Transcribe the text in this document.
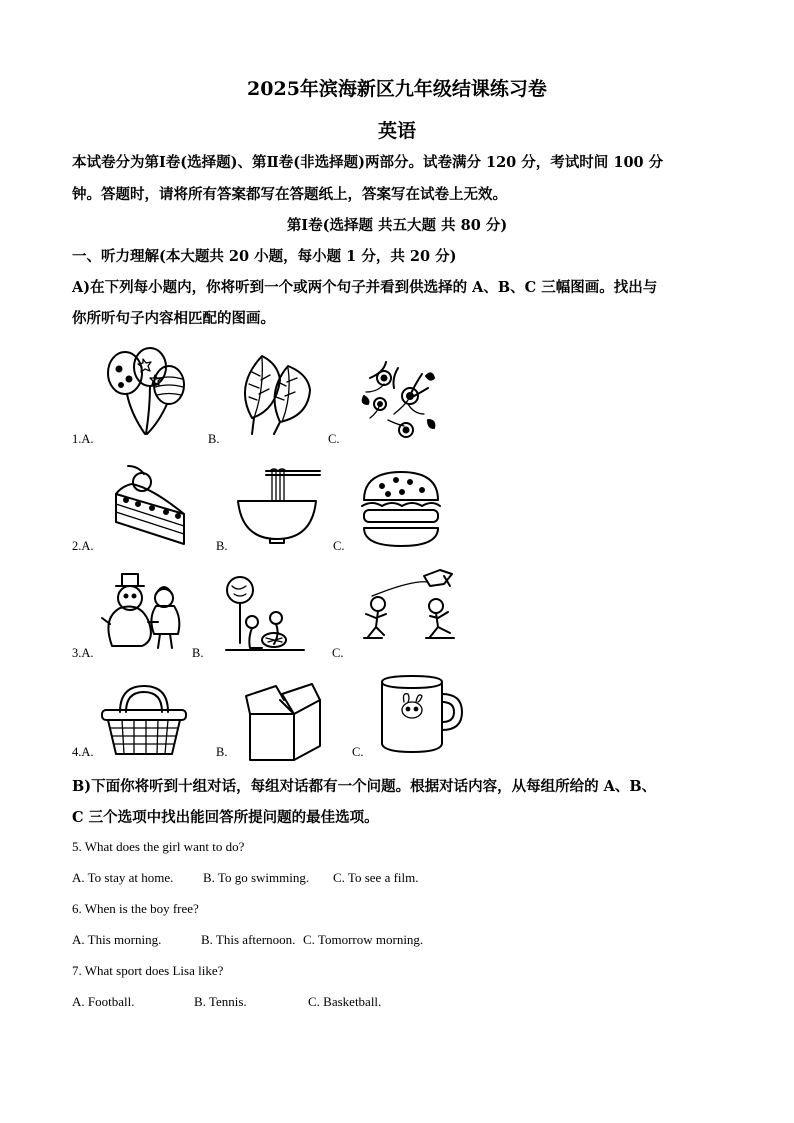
2025年滨海新区九年级结课练习卷
英语
本试卷分为第Ⅰ卷(选择题)、第Ⅱ卷(非选择题)两部分。试卷满分 120 分，考试时间 100 分
钟。答题时，请将所有答案都写在答题纸上，答案写在试卷上无效。
第Ⅰ卷(选择题 共五大题 共 80 分)
一、听力理解(本大题共 20 小题，每小题 1 分，共 20 分)
A)在下列每小题内，你将听到一个或两个句子并看到供选择的 A、B、C 三幅图画。找出与
你所听句子内容相匹配的图画。
1.A.	B.	C.
2.A.	B.	C.
3.A.	B.	C.
4.A.	B.	C.
B)下面你将听到十组对话，每组对话都有一个问题。根据对话内容，从每组所给的 A、B、
C 三个选项中找出能回答所提问题的最佳选项。
5. What does the girl want to do?
A. To stay at home. B. To go swimming. C. To see a film.
6. When is the boy free?
A. This morning.	B. This afternoon. C. Tomorrow morning.
7. What sport does Lisa like?
A. Football.	B. Tennis.	C. Basketball.
